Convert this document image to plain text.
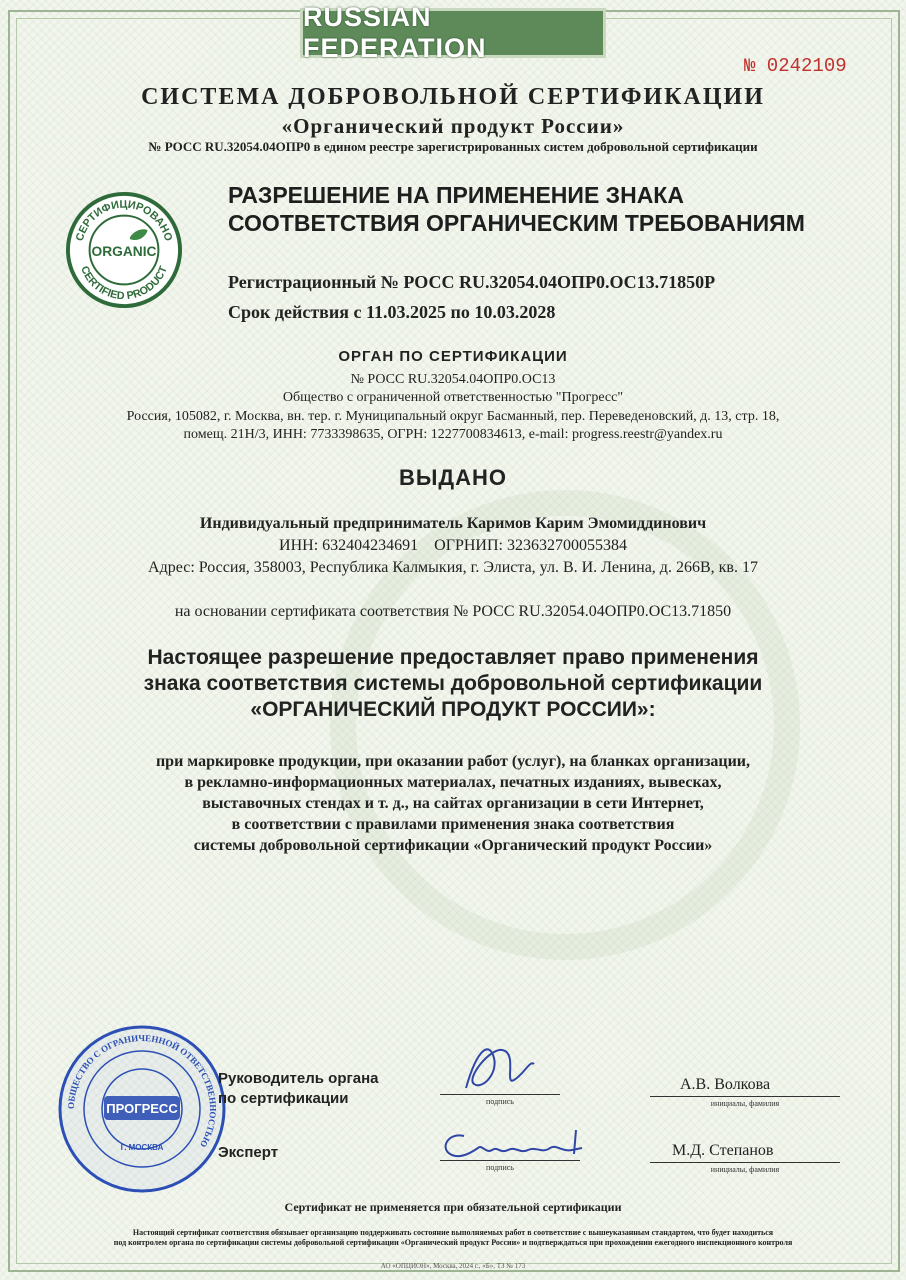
RUSSIAN FEDERATION
№ 0242109
СИСТЕМА ДОБРОВОЛЬНОЙ СЕРТИФИКАЦИИ
«Органический продукт России»
№ РОСС RU.32054.04ОПР0 в едином реестре зарегистрированных систем добровольной сертификации
СЕРТИФИЦИРОВАНО
CERTIFIED PRODUCT
ORGANIC
РАЗРЕШЕНИЕ НА ПРИМЕНЕНИЕ ЗНАКА
СООТВЕТСТВИЯ ОРГАНИЧЕСКИМ ТРЕБОВАНИЯМ
Регистрационный № РОСС RU.32054.04ОПР0.ОС13.71850Р
Срок действия с 11.03.2025 по 10.03.2028
ОРГАН ПО СЕРТИФИКАЦИИ
№ РОСС RU.32054.04ОПР0.ОС13
Общество с ограниченной ответственностью "Прогресс"
Россия, 105082, г. Москва, вн. тер. г. Муниципальный округ Басманный, пер. Переведеновский, д. 13, стр. 18,
помещ. 21Н/3, ИНН: 7733398635, ОГРН: 1227700834613, e-mail: progress.reestr@yandex.ru
ВЫДАНО
Индивидуальный предприниматель Каримов Карим Эмомиддинович
ИНН: 632404234691    ОГРНИП: 323632700055384
Адрес: Россия, 358003, Республика Калмыкия, г. Элиста, ул. В. И. Ленина, д. 266В, кв. 17
на основании сертификата соответствия № РОСС RU.32054.04ОПР0.ОС13.71850
Настоящее разрешение предоставляет право применения
знака соответствия системы добровольной сертификации
«ОРГАНИЧЕСКИЙ ПРОДУКТ РОССИИ»:
при маркировке продукции, при оказании работ (услуг), на бланках организации,
в рекламно-информационных материалах, печатных изданиях, вывесках,
выставочных стендах и т. д., на сайтах организации в сети Интернет,
в соответствии с правилами применения знака соответствия
системы добровольной сертификации «Органический продукт России»
ОБЩЕСТВО С ОГРАНИЧЕННОЙ ОТВЕТСТВЕННОСТЬЮ
ПРОГРЕСС
Г. МОСКВА
Руководитель органа
по сертификации	подпись
А.В. Волкова
инициалы, фамилия
Эксперт
подпись
М.Д. Степанов
инициалы, фамилия
Сертификат не применяется при обязательной сертификации
Настоящий сертификат соответствия обязывает организацию поддерживать состояние выполняемых работ в соответствие с вышеуказанным стандартом, что будет находиться
под контролем органа по сертификации системы добровольной сертификации «Органический продукт России» и подтверждаться при прохождении ежегодного инспекционного контроля
АО «ОПЦИОН», Москва, 2024 г., «Б», ТЗ № 173
